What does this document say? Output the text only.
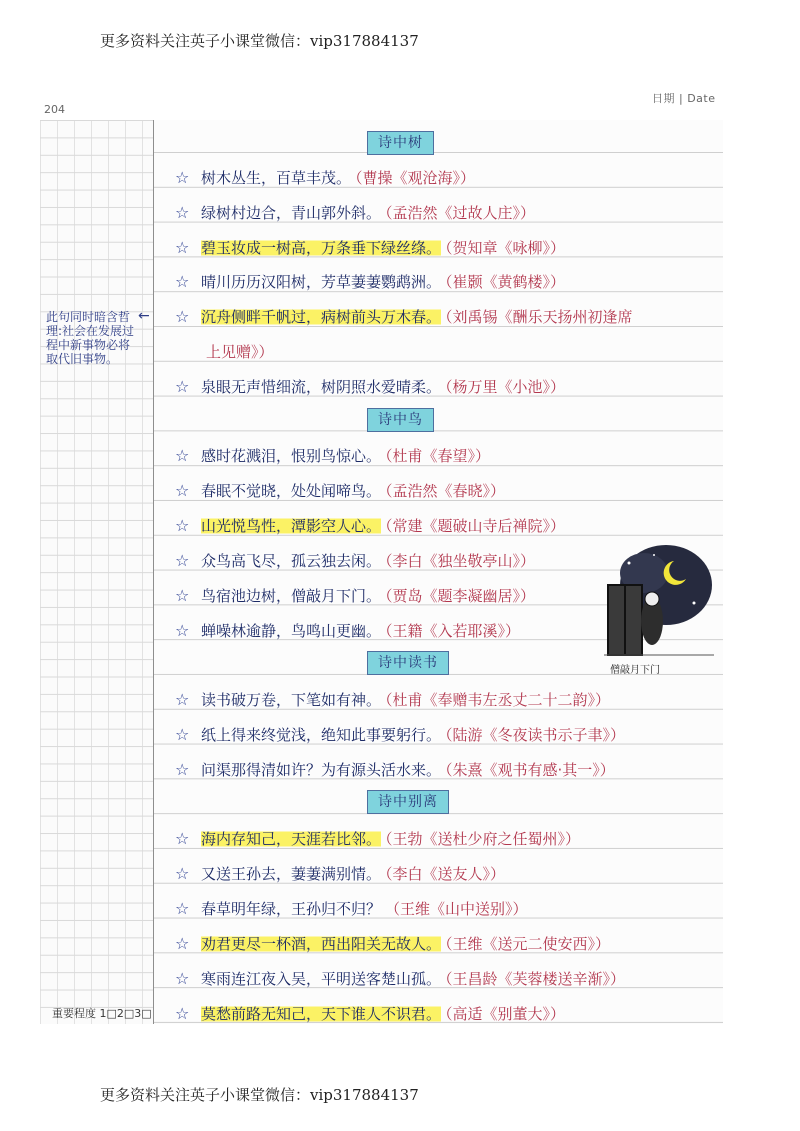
更多资料关注英子小课堂微信：vip317884137
204
日期 | Date
此句同时暗含哲理:社会在发展过程中新事物必将取代旧事物。
←
重要程度 1□2□3□
诗中树
诗中鸟
诗中读书
诗中别离
☆ 树木丛生，百草丰茂。 （曹操《观沧海》）
☆ 绿树村边合，青山郭外斜。 （孟浩然《过故人庄》）
☆ 碧玉妆成一树高，万条垂下绿丝绦。 （贺知章《咏柳》）
☆ 晴川历历汉阳树，芳草萋萋鹦鹉洲。 （崔颢《黄鹤楼》）
☆ 沉舟侧畔千帆过，病树前头万木春。 （刘禹锡《酬乐天扬州初逢席
上见赠》）
☆ 泉眼无声惜细流，树阴照水爱晴柔。 （杨万里《小池》）
☆ 感时花溅泪，恨别鸟惊心。 （杜甫《春望》）
☆ 春眠不觉晓，处处闻啼鸟。 （孟浩然《春晓》）
☆ 山光悦鸟性，潭影空人心。 （常建《题破山寺后禅院》）
☆ 众鸟高飞尽，孤云独去闲。 （李白《独坐敬亭山》）
☆ 鸟宿池边树，僧敲月下门。 （贾岛《题李凝幽居》）
☆ 蝉噪林逾静，鸟鸣山更幽。 （王籍《入若耶溪》）
僧敲月下门
☆ 读书破万卷，下笔如有神。 （杜甫《奉赠韦左丞丈二十二韵》）
☆ 纸上得来终觉浅，绝知此事要躬行。 （陆游《冬夜读书示子聿》）
☆ 问渠那得清如许？为有源头活水来。 （朱熹《观书有感·其一》）
☆ 海内存知己，天涯若比邻。 （王勃《送杜少府之任蜀州》）
☆ 又送王孙去，萋萋满别情。 （李白《送友人》）
☆ 春草明年绿，王孙归不归？ （王维《山中送别》）
☆ 劝君更尽一杯酒，西出阳关无故人。 （王维《送元二使安西》）
☆ 寒雨连江夜入吴，平明送客楚山孤。 （王昌龄《芙蓉楼送辛渐》）
☆ 莫愁前路无知己，天下谁人不识君。 （高适《别董大》）
更多资料关注英子小课堂微信：vip317884137
